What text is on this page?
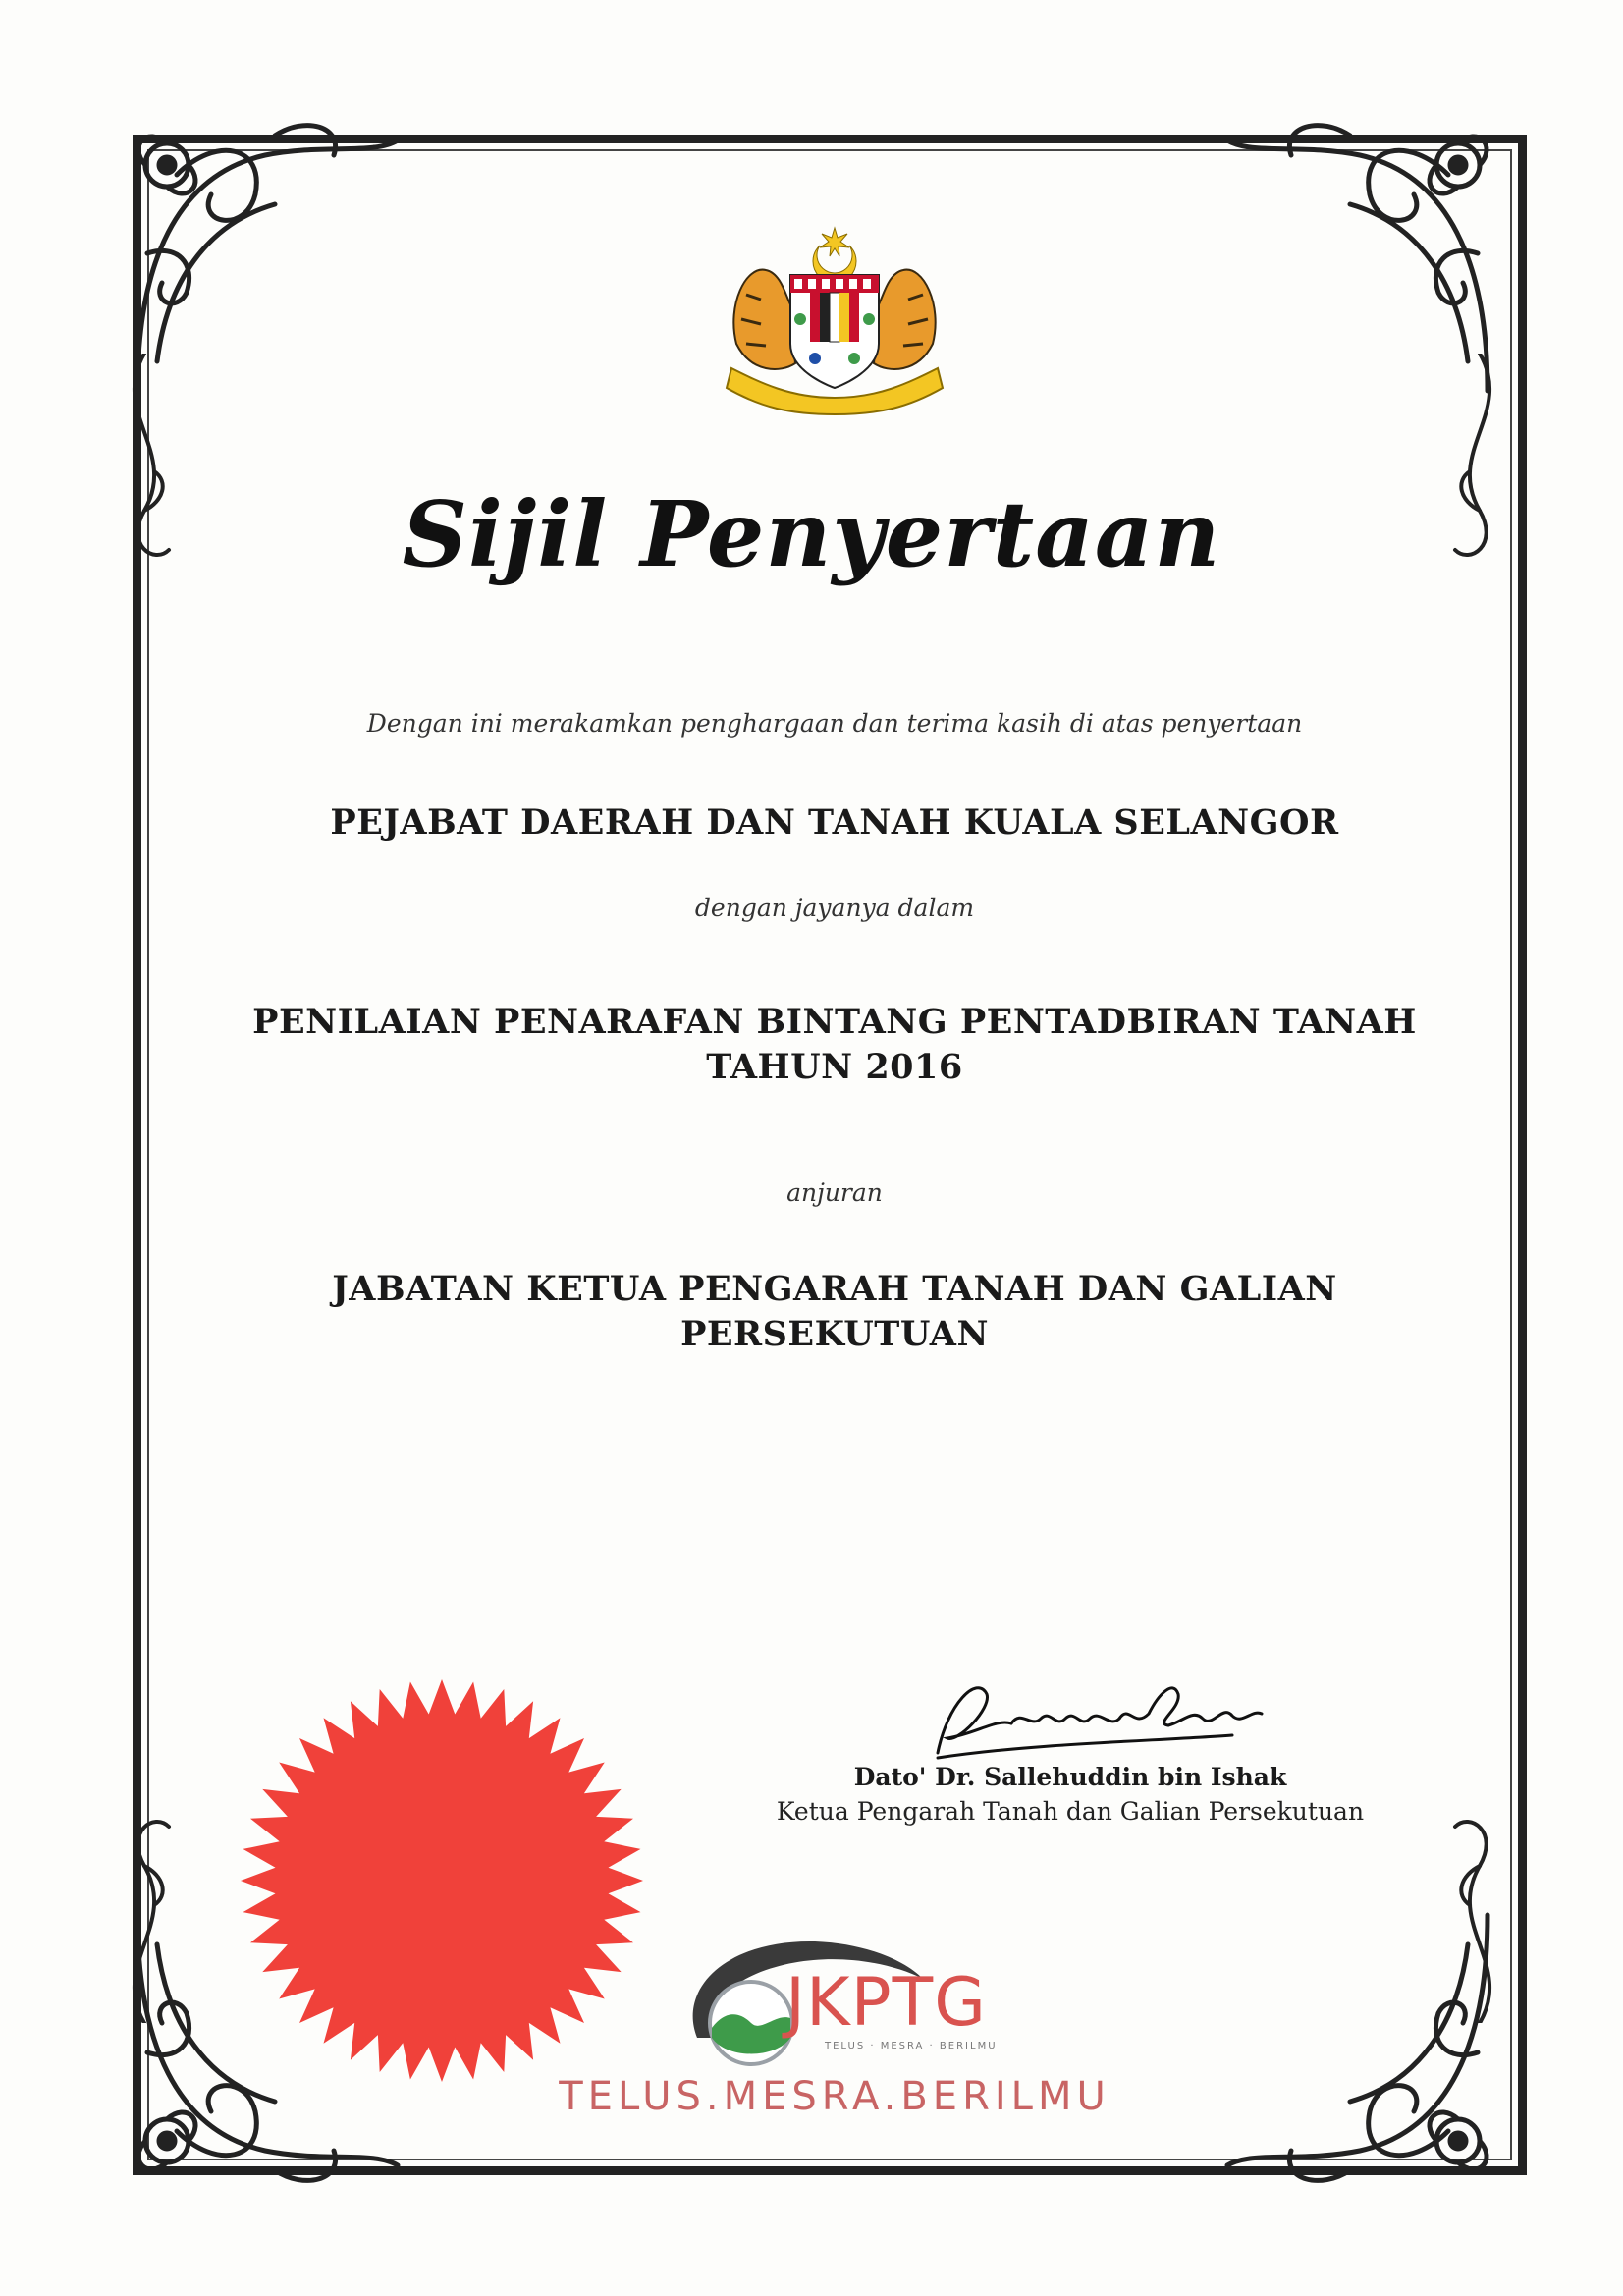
Sijil Penyertaan
Dengan ini merakamkan penghargaan dan terima kasih di atas penyertaan
PEJABAT DAERAH DAN TANAH KUALA SELANGOR
dengan jayanya dalam
PENILAIAN PENARAFAN BINTANG PENTADBIRAN TANAH
TAHUN 2016
anjuran
JABATAN KETUA PENGARAH TANAH DAN GALIAN
PERSEKUTUAN
Dato' Dr. Sallehuddin bin Ishak
Ketua Pengarah Tanah dan Galian Persekutuan
JKPTG
TELUS · MESRA · BERILMU
TELUS.MESRA.BERILMU
